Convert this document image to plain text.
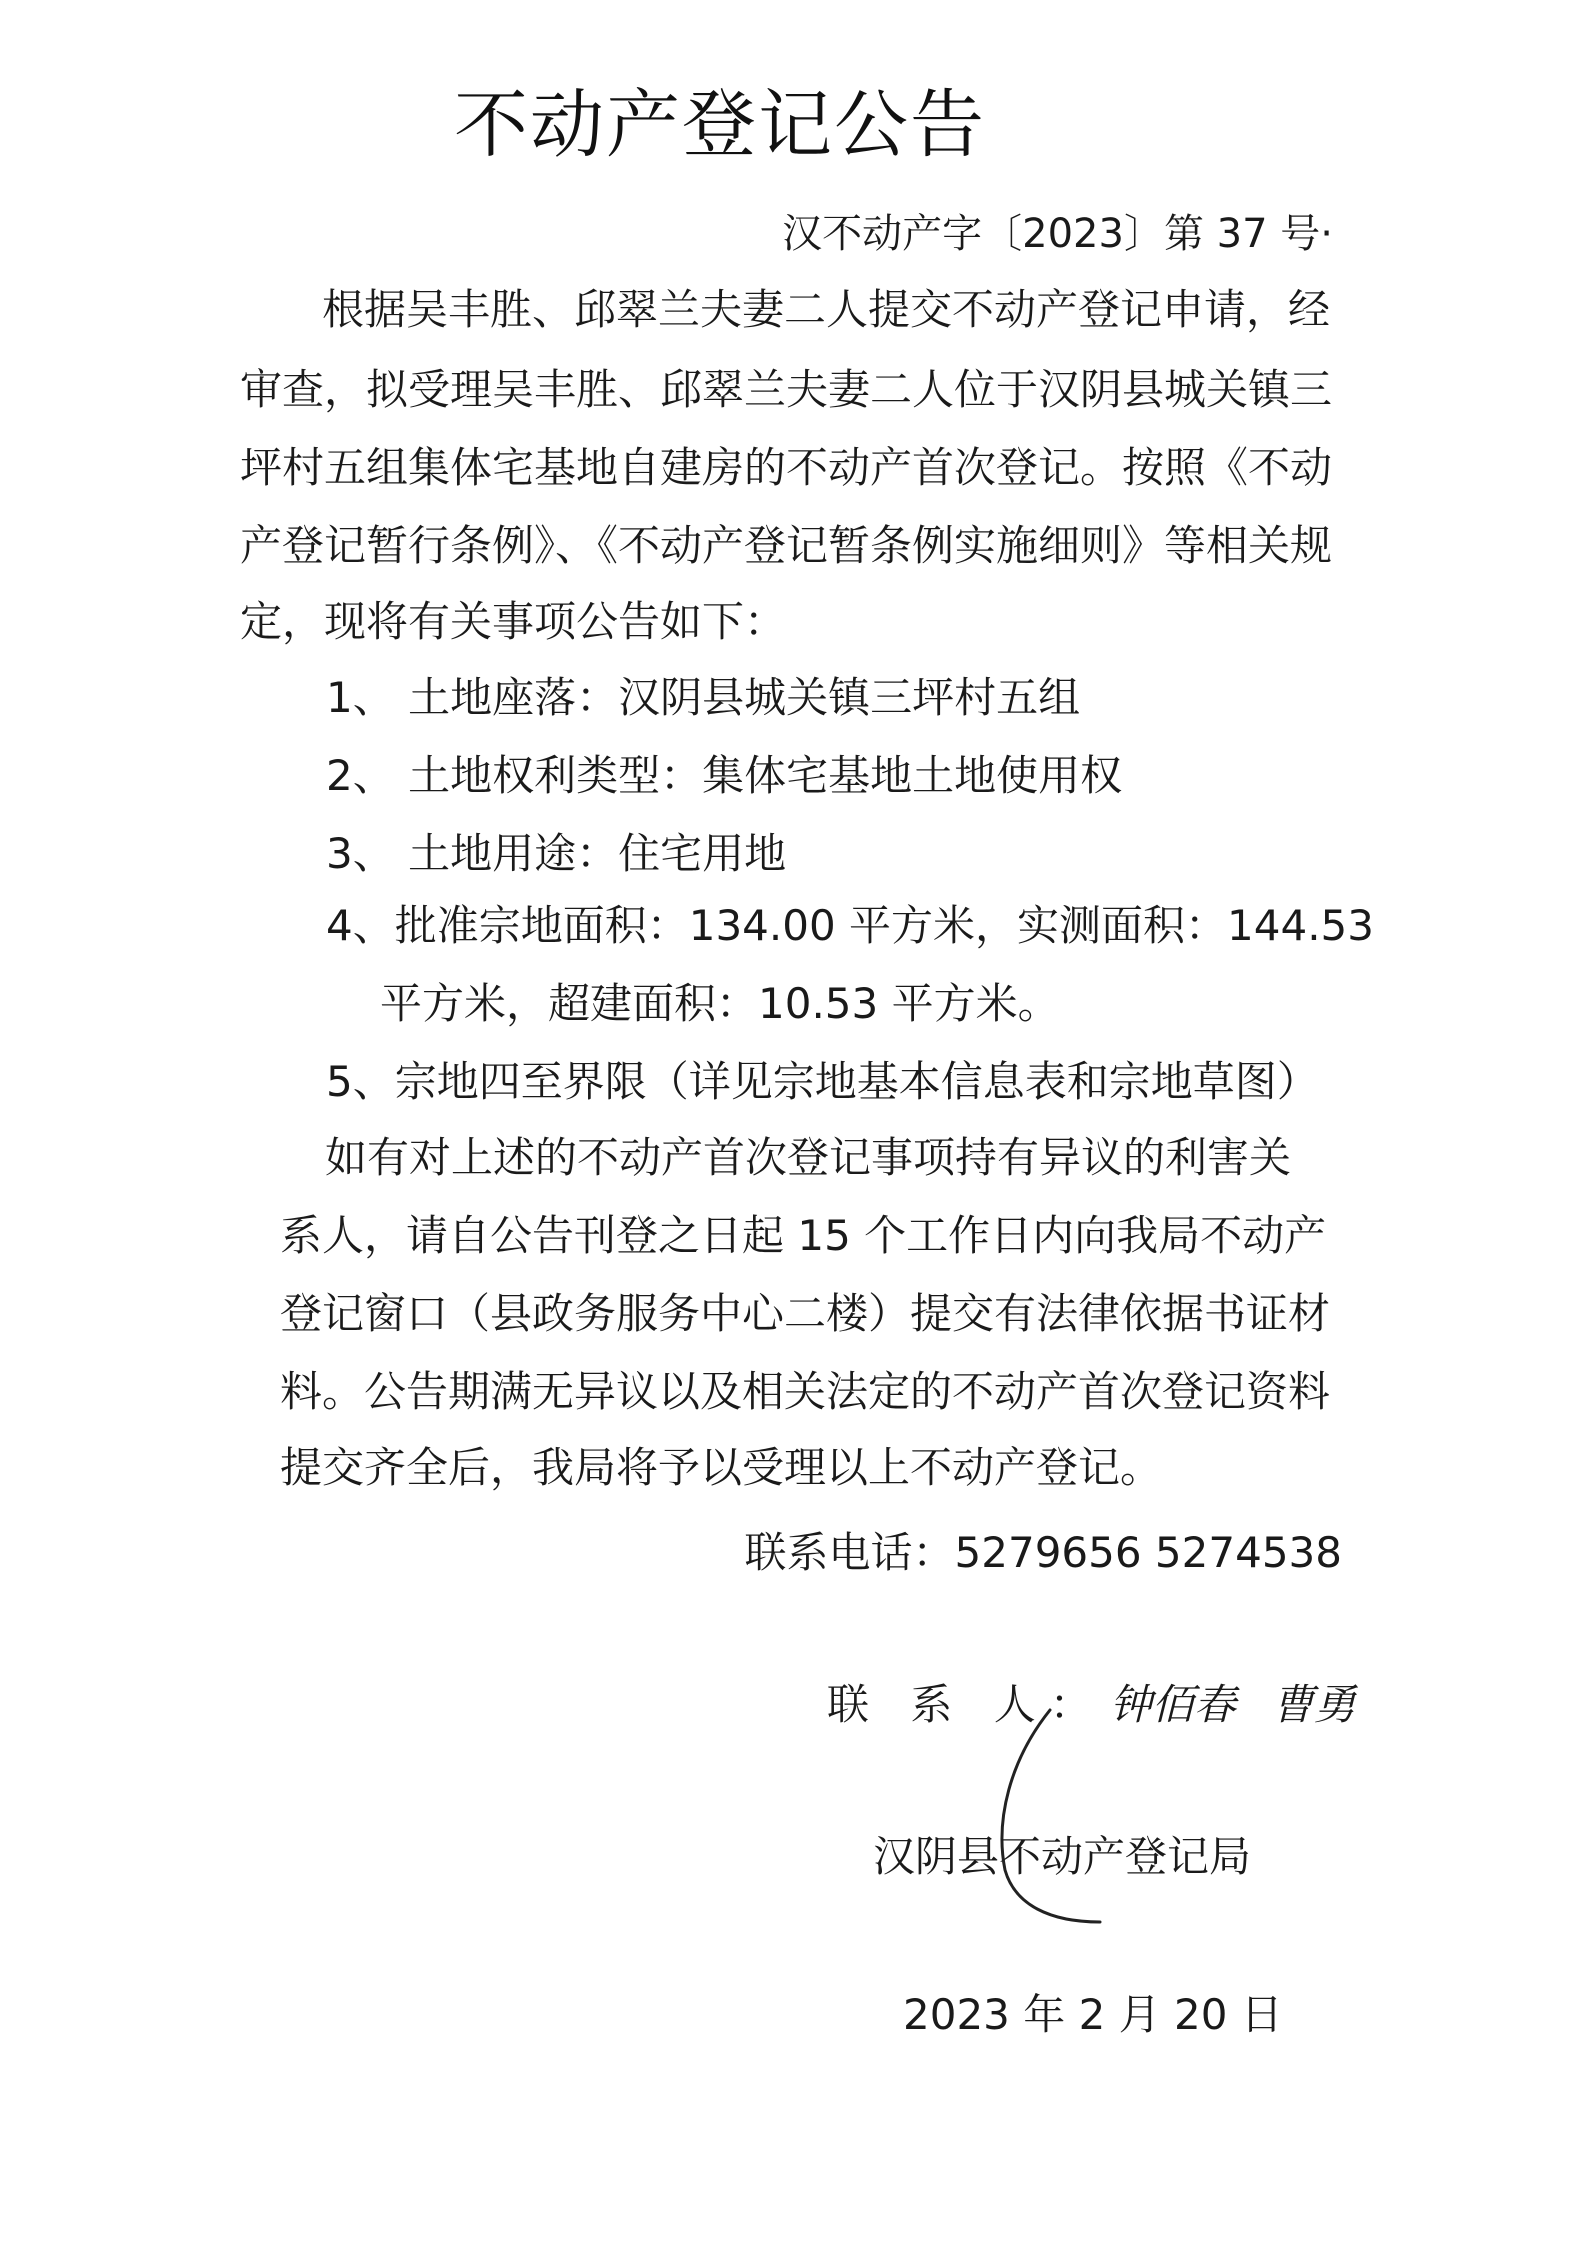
不动产登记公告
汉不动产字〔2023〕第 37 号·
根据吴丰胜、邱翠兰夫妻二人提交不动产登记申请，经
审查，拟受理吴丰胜、邱翠兰夫妻二人位于汉阴县城关镇三
坪村五组集体宅基地自建房的不动产首次登记。按照《不动
产登记暂行条例》、《不动产登记暂条例实施细则》等相关规
定，现将有关事项公告如下：
1、 土地座落：汉阴县城关镇三坪村五组
2、 土地权利类型：集体宅基地土地使用权
3、 土地用途：住宅用地
4、批准宗地面积：134.00 平方米，实测面积：144.53
平方米，超建面积：10.53 平方米。
5、宗地四至界限（详见宗地基本信息表和宗地草图）
如有对上述的不动产首次登记事项持有异议的利害关
系人，请自公告刊登之日起 15 个工作日内向我局不动产
登记窗口（县政务服务中心二楼）提交有法律依据书证材
料。公告期满无异议以及相关法定的不动产首次登记资料
提交齐全后，我局将予以受理以上不动产登记。
联系电话：5279656 5274538
联 系 人：钟佰春 曹勇
汉阴县不动产登记局
2023 年 2 月 20 日
